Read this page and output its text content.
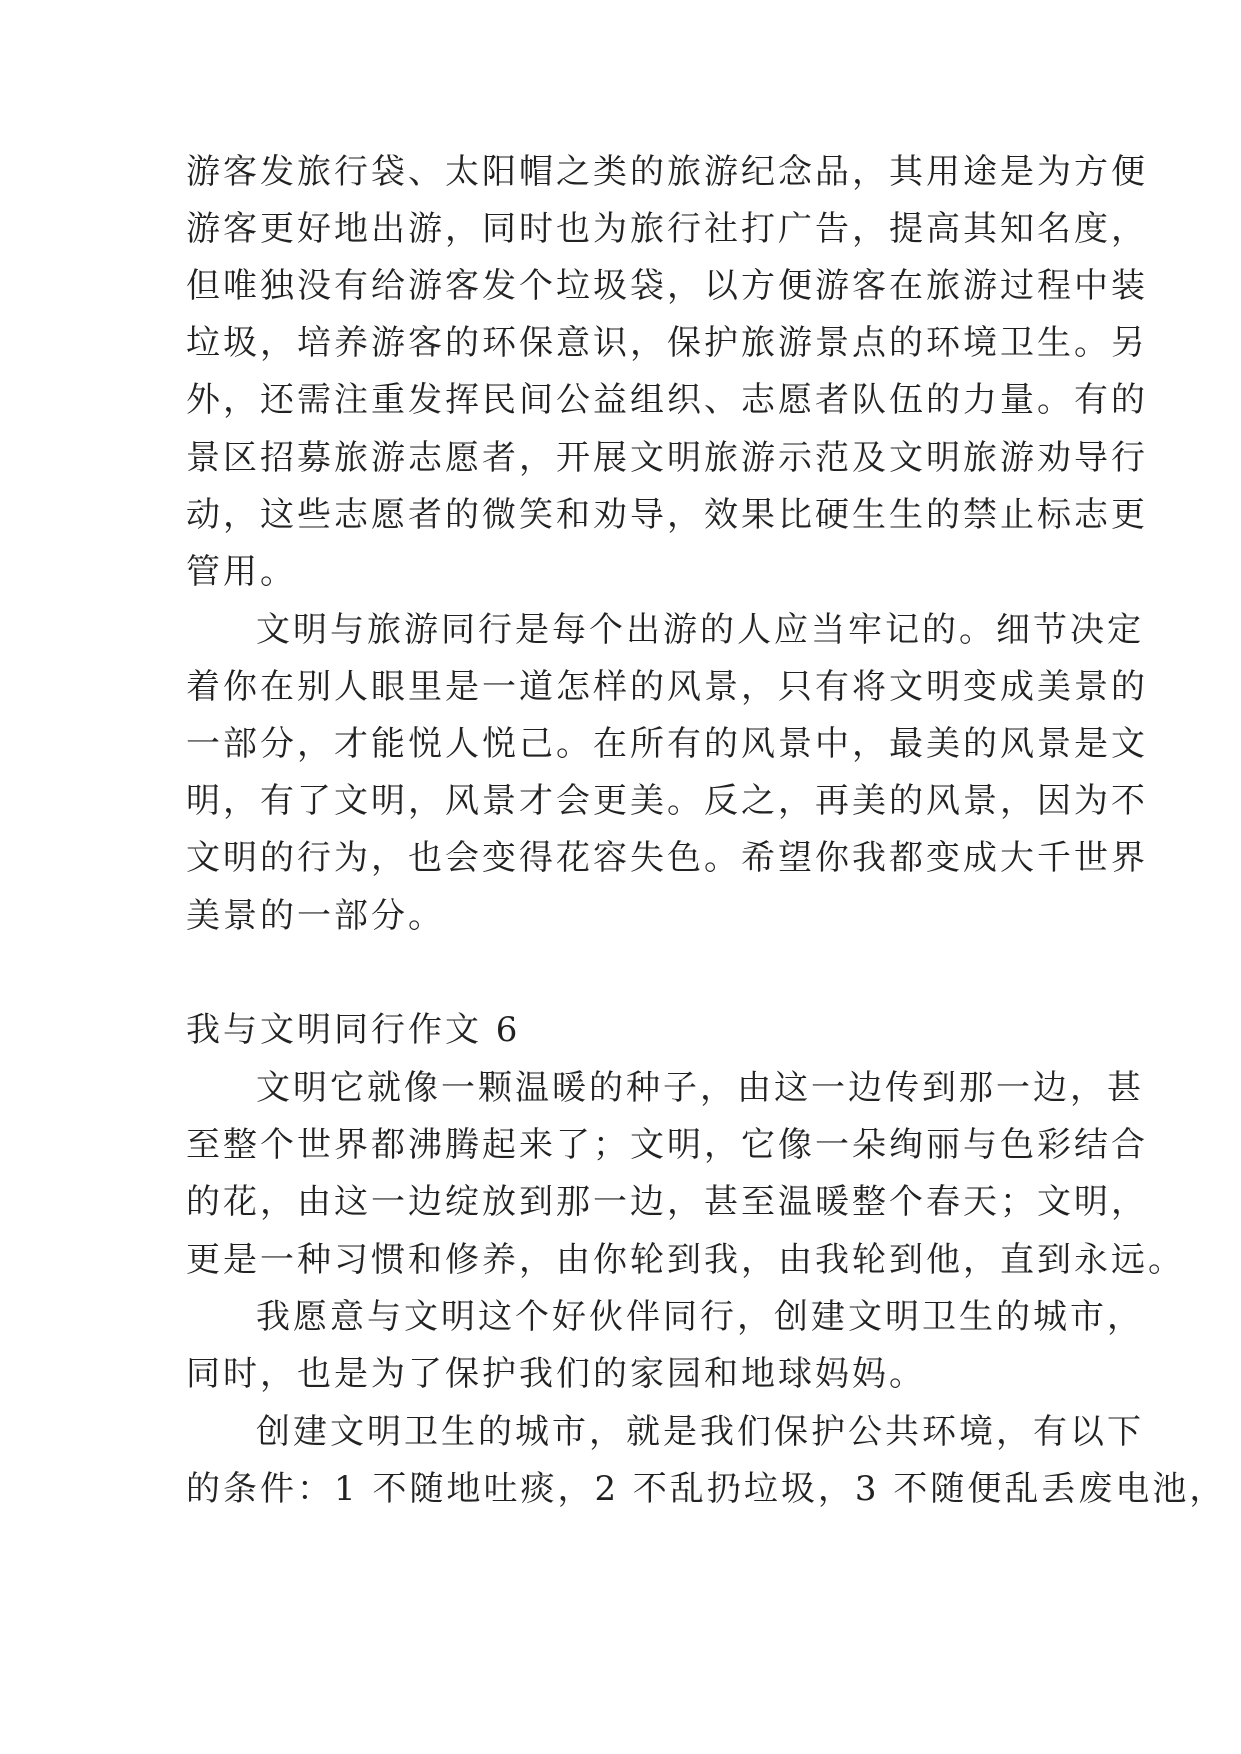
游客发旅行袋、太阳帽之类的旅游纪念品，其用途是为方便

游客更好地出游，同时也为旅行社打广告，提高其知名度，

但唯独没有给游客发个垃圾袋，以方便游客在旅游过程中装

垃圾，培养游客的环保意识，保护旅游景点的环境卫生。另

外，还需注重发挥民间公益组织、志愿者队伍的力量。有的

景区招募旅游志愿者，开展文明旅游示范及文明旅游劝导行

动，这些志愿者的微笑和劝导，效果比硬生生的禁止标志更

管用。

文明与旅游同行是每个出游的人应当牢记的。细节决定

着你在别人眼里是一道怎样的风景，只有将文明变成美景的

一部分，才能悦人悦己。在所有的风景中，最美的风景是文

明，有了文明，风景才会更美。反之，再美的风景，因为不

文明的行为，也会变得花容失色。希望你我都变成大千世界

美景的一部分。

我与文明同行作文 6

文明它就像一颗温暖的种子，由这一边传到那一边，甚

至整个世界都沸腾起来了；文明，它像一朵绚丽与色彩结合

的花，由这一边绽放到那一边，甚至温暖整个春天；文明，

更是一种习惯和修养，由你轮到我，由我轮到他，直到永远。

我愿意与文明这个好伙伴同行，创建文明卫生的城市，

同时，也是为了保护我们的家园和地球妈妈。

创建文明卫生的城市，就是我们保护公共环境，有以下

的条件：1 不随地吐痰，2 不乱扔垃圾，3 不随便乱丢废电池，
